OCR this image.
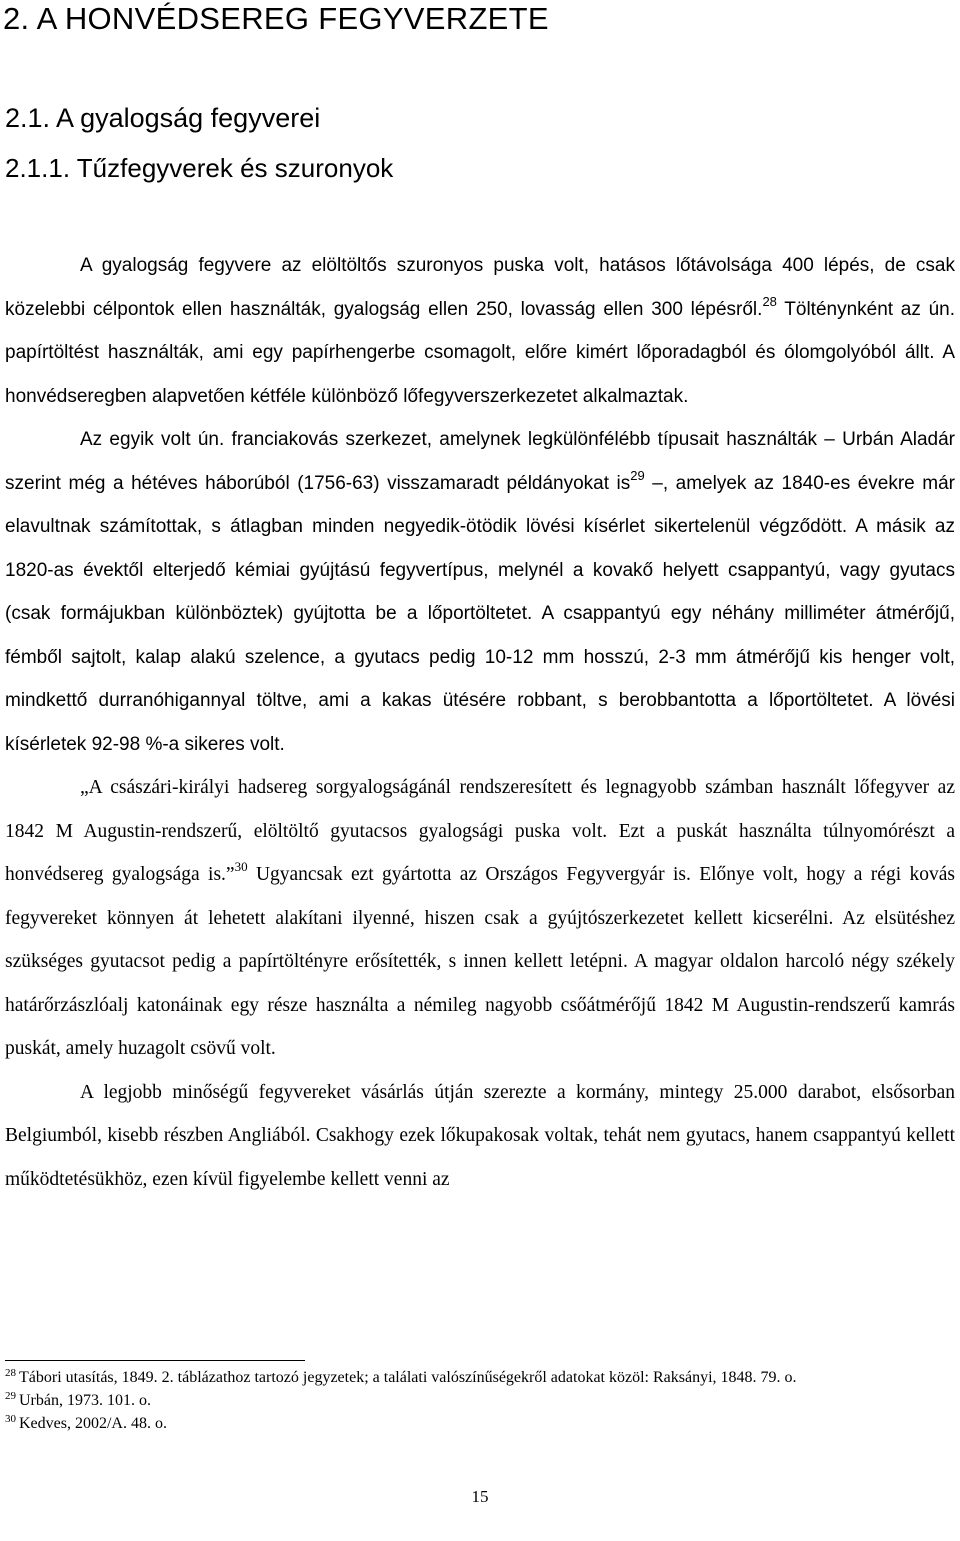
2. A HONVÉDSEREG FEGYVERZETE
2.1. A gyalogság fegyverei
2.1.1. Tűzfegyverek és szuronyok

A gyalogság fegyvere az elöltöltős szuronyos puska volt, hatásos lőtávolsága 400 lépés, de csak közelebbi célpontok ellen használták, gyalogság ellen 250, lovasság ellen 300 lépésről.$^{28}$ Tölténynként az ún. papírtöltést használták, ami egy papírhengerbe csomagolt, előre kimért lőporadagból és ólomgolyóból állt. A honvédseregben alapvetően kétféle különböző lőfegyverszerkezetet alkalmaztak.

Az egyik volt ún. franciakovás szerkezet, amelynek legkülönfélébb típusait használták – Urbán Aladár szerint még a hétéves háborúból (1756-63) visszamaradt példányokat $is^{29}$ –, amelyek az 1840-es évekre már elavultnak számítottak, s átlagban minden negyedik-ötödik lövési kísérlet sikertelenül végződött. A másik az 1820-as évektől elterjedő kémiai gyújtású fegyvertípus, melynél a kovakő helyett csappantyú, vagy gyutacs (csak formájukban különböztek) gyújtotta be a lőportöltetet. A csappantyú egy néhány milliméter átmérőjű, fémből sajtolt, kalap alakú szelence, a gyutacs pedig 10-12 mm hosszú, 2-3 mm átmérőjű kis henger volt, mindkettő durranóhigannyal töltve, ami a kakas ütésére robbant, s berobbantotta a lőportöltetet. A lövési kísérletek 92-98 %-a sikeres volt.

„A császári-királyi hadsereg sorgyalogságánál rendszeresített és legnagyobb számban használt lőfegyver az 1842 M Augustin-rendszerű, elöltöltő gyutacsos gyalogsági puska volt. Ezt a puskát használta túlnyomórészt a honvédsereg gyalogsága is.”$^{30}$ Ugyancsak ezt gyártotta az Országos Fegyvergyár is. Előnye volt, hogy a régi kovás fegyvereket könnyen át lehetett alakítani ilyenné, hiszen csak a gyújtószerkezetet kellett kicserélni. Az elsütéshez szükséges gyutacsot pedig a papírtöltényre erősítették, s innen kellett letépni. A magyar oldalon harcoló négy székely határőrzászlóalj katonáinak egy része használta a némileg nagyobb csőátmérőjű 1842 M Augustin-rendszerű kamrás puskát, amely huzagolt csövű volt.

A legjobb minőségű fegyvereket vásárlás útján szerezte a kormány, mintegy 25.000 darabot, elsősorban Belgiumból, kisebb részben Angliából. Csakhogy ezek lőkupakosak voltak, tehát nem gyutacs, hanem csappantyú kellett működtetésükhöz, ezen kívül figyelembe kellett venni az

$^{28}$ Tábori utasítás, 1849. 2. táblázathoz tartozó jegyzetek; a találati valószínűségekről adatokat közöl: Raksányi, 1848. 79. o.

$^{29}$ Urbán, 1973. 101. o.

$^{30}$ Kedves, 2002/A. 48. o.

15
